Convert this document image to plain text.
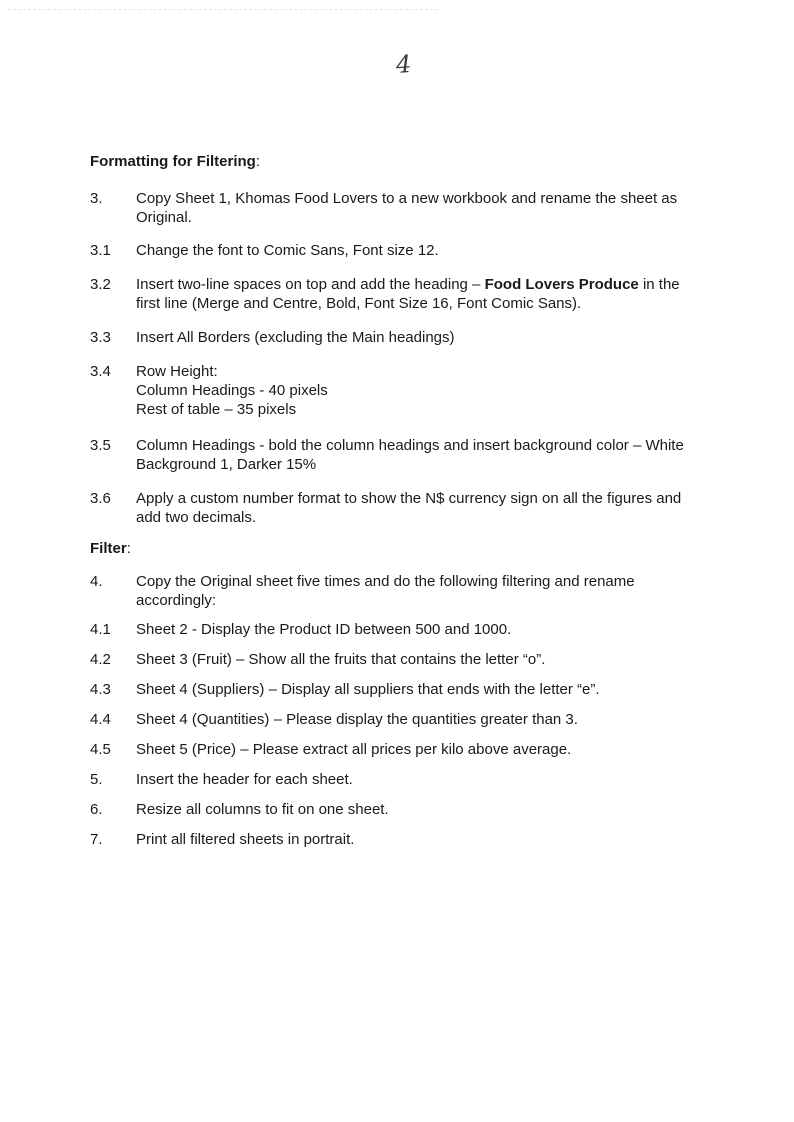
4

Formatting for Filtering:

3.	Copy Sheet 1, Khomas Food Lovers to a new workbook and rename the sheet as Original.
3.1	Change the font to Comic Sans, Font size 12.
3.2	Insert two-line spaces on top and add the heading – Food Lovers Produce in the first line (Merge and Centre, Bold, Font Size 16, Font Comic Sans).
3.3	Insert All Borders (excluding the Main headings)
3.4	Row Height:
Column Headings - 40 pixels
Rest of table – 35 pixels
3.5	Column Headings - bold the column headings and insert background color – White Background 1, Darker 15%
3.6	Apply a custom number format to show the N$ currency sign on all the figures and add two decimals.

Filter:

4.	Copy the Original sheet five times and do the following filtering and rename accordingly:
4.1	Sheet 2 - Display the Product ID between 500 and 1000.
4.2	Sheet 3 (Fruit) – Show all the fruits that contains the letter “o”.
4.3	Sheet 4 (Suppliers) – Display all suppliers that ends with the letter “e”.
4.4	Sheet 4 (Quantities) – Please display the quantities greater than 3.
4.5	Sheet 5 (Price) – Please extract all prices per kilo above average.
5.	Insert the header for each sheet.
6.	Resize all columns to fit on one sheet.
7.	Print all filtered sheets in portrait.
